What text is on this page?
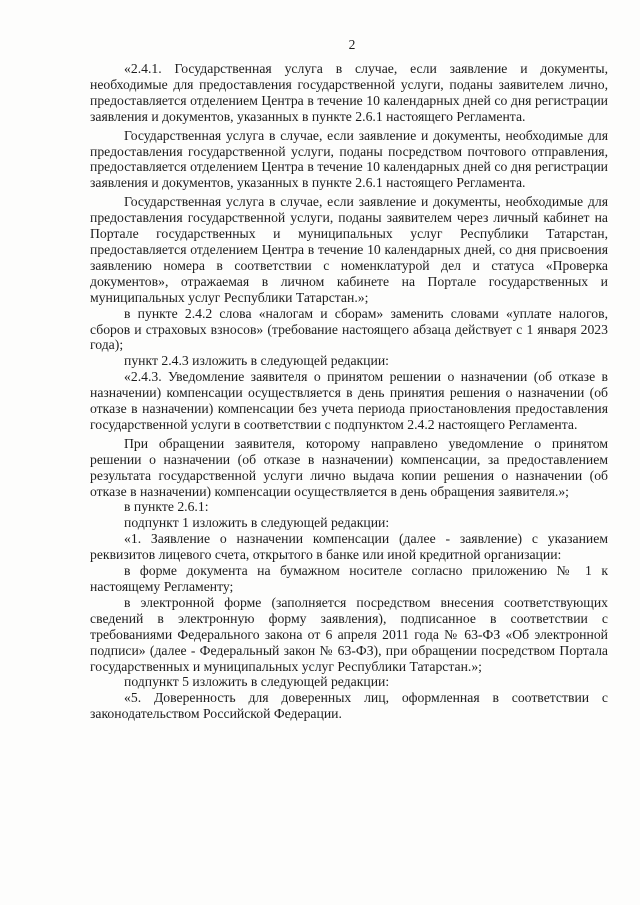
2

«2.4.1. Государственная услуга в случае, если заявление и документы, необходимые для предоставления государственной услуги, поданы заявителем лично, предоставляется отделением Центра в течение 10 календарных дней со дня регистрации заявления и документов, указанных в пункте 2.6.1 настоящего Регламента.

Государственная услуга в случае, если заявление и документы, необходимые для предоставления государственной услуги, поданы посредством почтового отправления, предоставляется отделением Центра в течение 10 календарных дней со дня регистрации заявления и документов, указанных в пункте 2.6.1 настоящего Регламента.

Государственная услуга в случае, если заявление и документы, необходимые для предоставления государственной услуги, поданы заявителем через личный кабинет на Портале государственных и муниципальных услуг Республики Татарстан, предоставляется отделением Центра в течение 10 календарных дней, со дня присвоения заявлению номера в соответствии с номенклатурой дел и статуса «Проверка документов», отражаемая в личном кабинете на Портале государственных и муниципальных услуг Республики Татарстан.»;

в пункте 2.4.2 слова «налогам и сборам» заменить словами «уплате налогов, сборов и страховых взносов» (требование настоящего абзаца действует с 1 января 2023 года);

пункт 2.4.3 изложить в следующей редакции:

«2.4.3. Уведомление заявителя о принятом решении о назначении (об отказе в назначении) компенсации осуществляется в день принятия решения о назначении (об отказе в назначении) компенсации без учета периода приостановления предоставления государственной услуги в соответствии с подпунктом 2.4.2 настоящего Регламента.

При обращении заявителя, которому направлено уведомление о принятом решении о назначении (об отказе в назначении) компенсации, за предоставлением результата государственной услуги лично выдача копии решения о назначении (об отказе в назначении) компенсации осуществляется в день обращения заявителя.»;

в пункте 2.6.1:

подпункт 1 изложить в следующей редакции:

«1. Заявление о назначении компенсации (далее - заявление) с указанием реквизитов лицевого счета, открытого в банке или иной кредитной организации:

в форме документа на бумажном носителе согласно приложению № 1 к настоящему Регламенту;

в электронной форме (заполняется посредством внесения соответствующих сведений в электронную форму заявления), подписанное в соответствии с требованиями Федерального закона от 6 апреля 2011 года № 63-ФЗ «Об электронной подписи» (далее - Федеральный закон № 63-ФЗ), при обращении посредством Портала государственных и муниципальных услуг Республики Татарстан.»;

подпункт 5 изложить в следующей редакции:

«5. Доверенность для доверенных лиц, оформленная в соответствии с законодательством Российской Федерации.
